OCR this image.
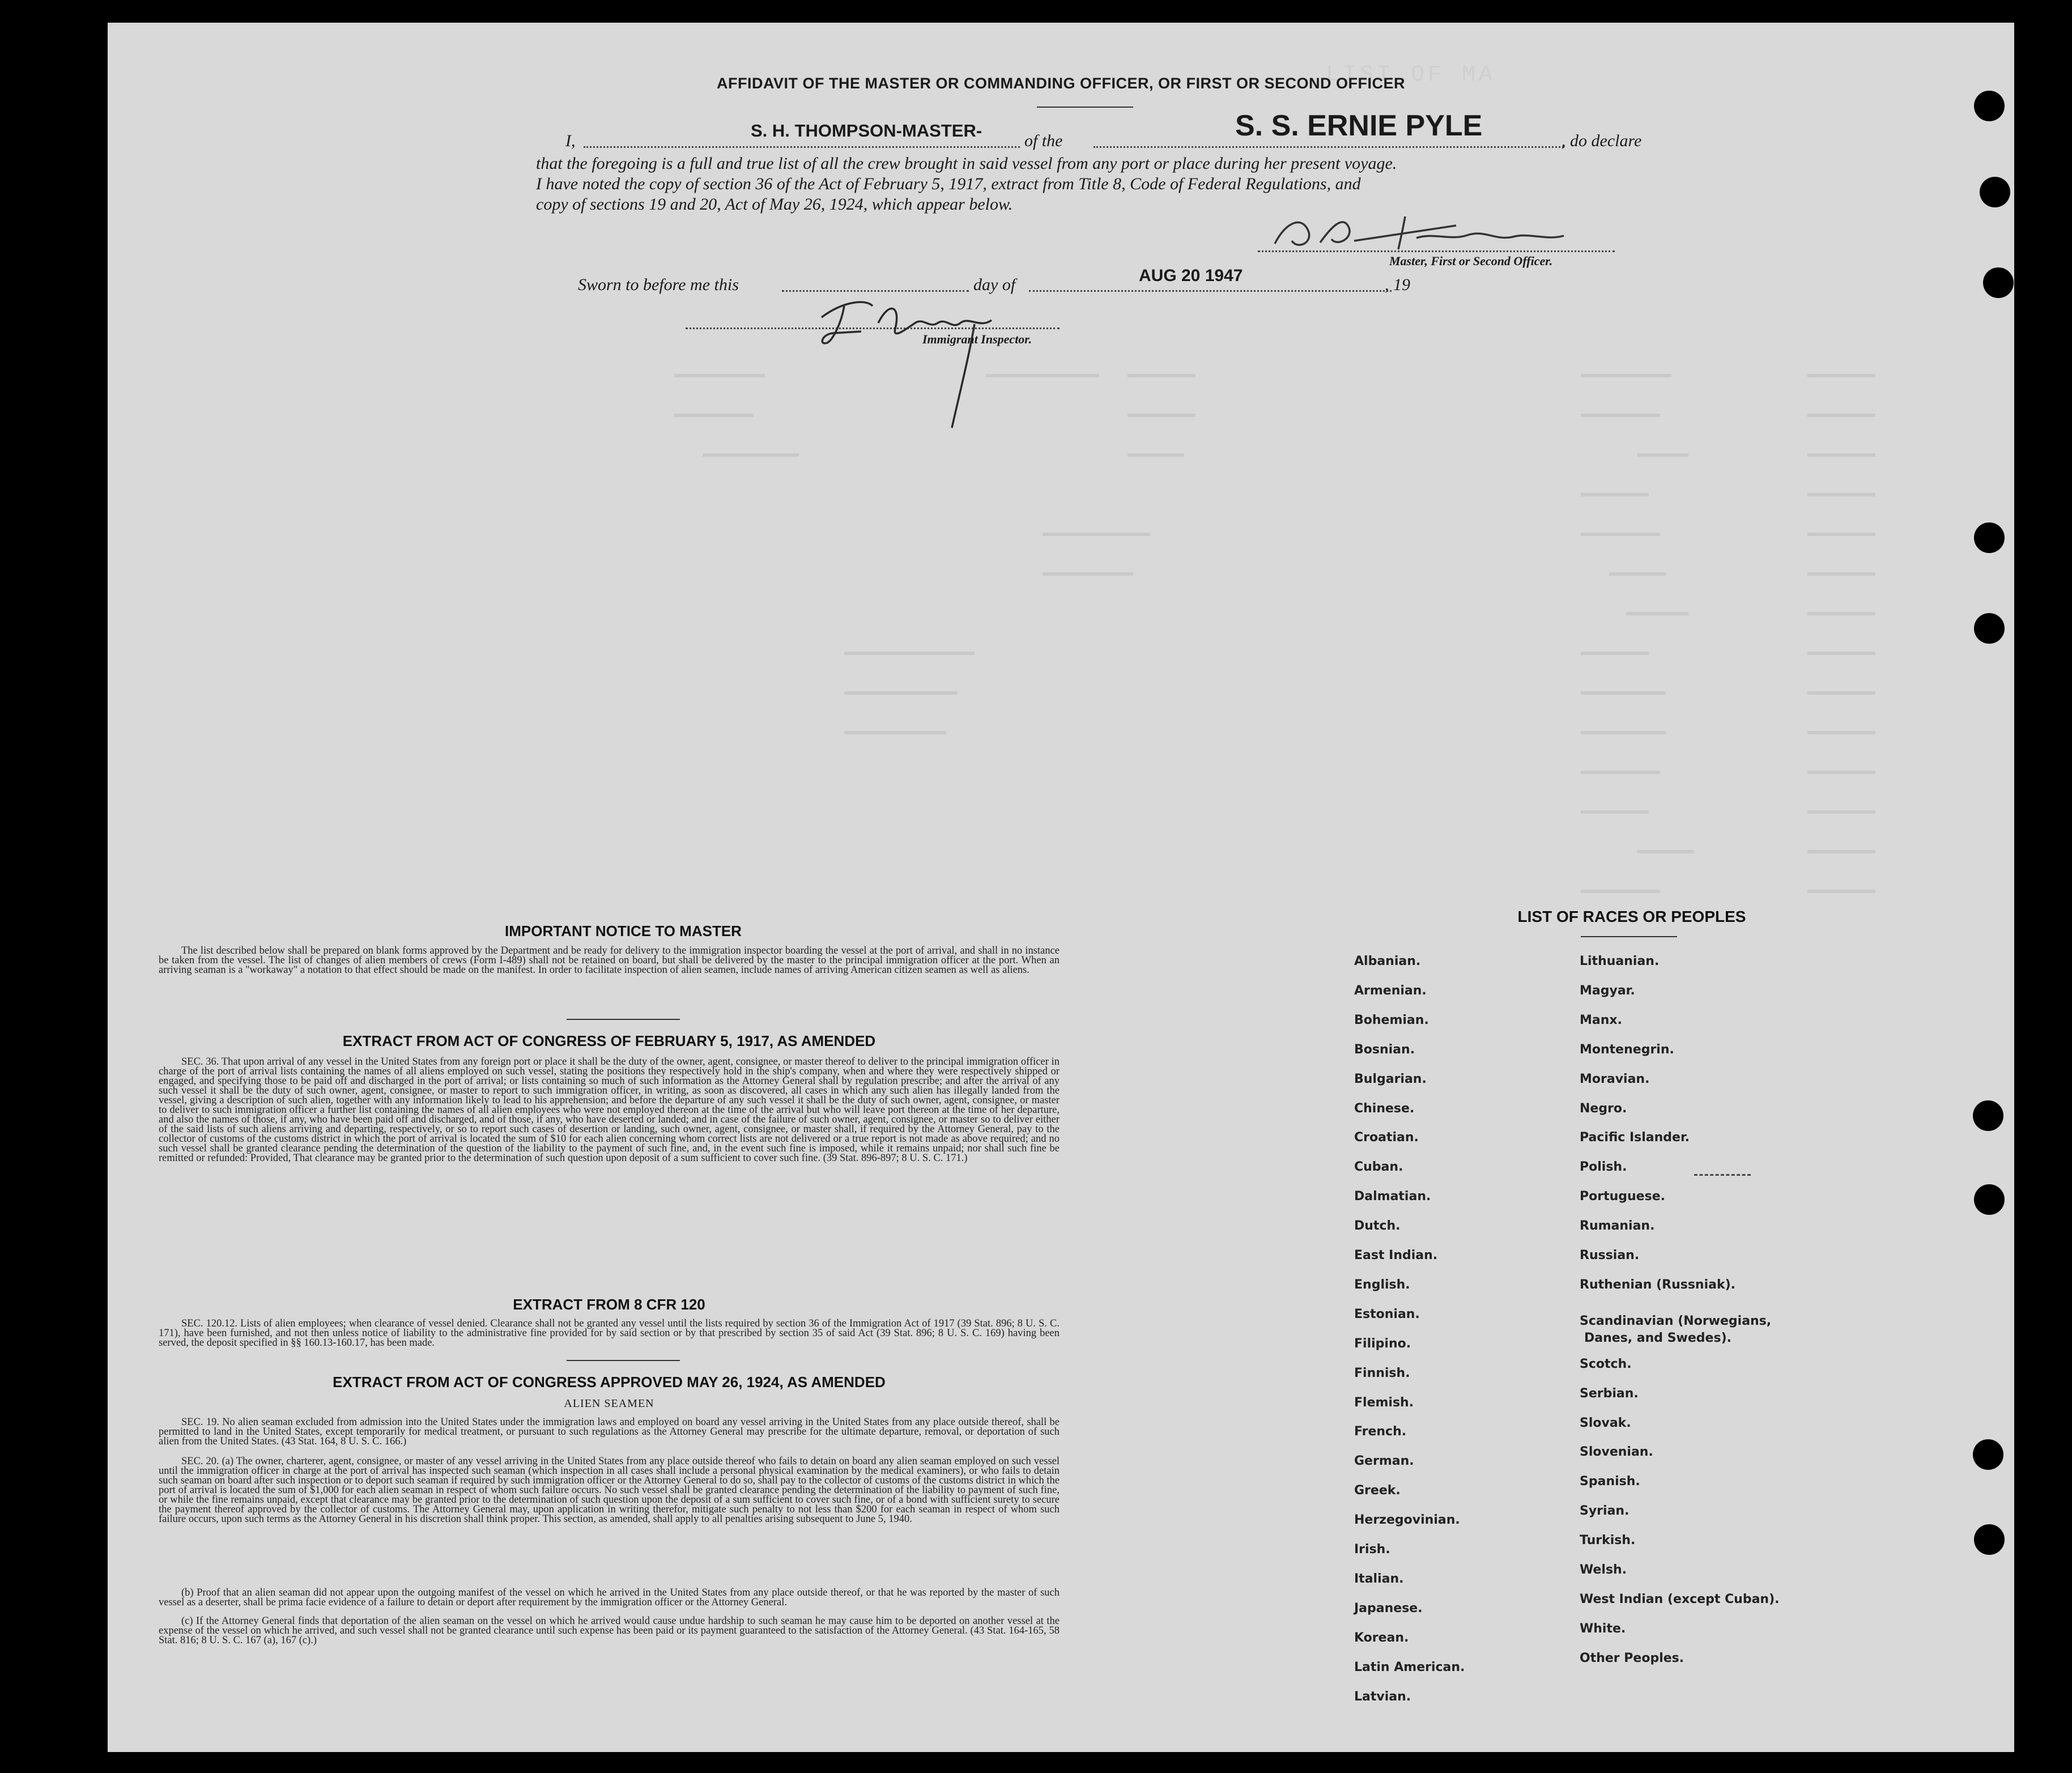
LIST OF MA
AFFIDAVIT OF THE MASTER OR COMMANDING OFFICER, OR FIRST OR SECOND OFFICER
I,
S. H. THOMPSON-MASTER-
of the	S. S. ERNIE PYLE	, do declare
that the foregoing is a full and true list of all the crew brought in said vessel from any port or place during her present voyage.
I have noted the copy of section 36 of the Act of February 5, 1917, extract from Title 8, Code of Federal Regulations, and
copy of sections 19 and 20, Act of May 26, 1924, which appear below.
Master, First or Second Officer.
Sworn to before me this	day of	AUG 20 1947	, 19
Immigrant Inspector.
IMPORTANT NOTICE TO MASTER
The list described below shall be prepared on blank forms approved by the Department and be ready for delivery to the immigration inspector boarding the vessel at the port of arrival, and shall in no instance be taken from the vessel. The list of changes of alien members of crews (Form I-489) shall not be retained on board, but shall be delivered by the master to the principal immigration officer at the port. When an arriving seaman is a "workaway" a notation to that effect should be made on the manifest. In order to facilitate inspection of alien seamen, include names of arriving American citizen seamen as well as aliens.
EXTRACT FROM ACT OF CONGRESS OF FEBRUARY 5, 1917, AS AMENDED
SEC. 36. That upon arrival of any vessel in the United States from any foreign port or place it shall be the duty of the owner, agent, consignee, or master thereof to deliver to the principal immigration officer in charge of the port of arrival lists containing the names of all aliens employed on such vessel, stating the positions they respectively hold in the ship's company, when and where they were respectively shipped or engaged, and specifying those to be paid off and discharged in the port of arrival; or lists containing so much of such information as the Attorney General shall by regulation prescribe; and after the arrival of any such vessel it shall be the duty of such owner, agent, consignee, or master to report to such immigration officer, in writing, as soon as discovered, all cases in which any such alien has illegally landed from the vessel, giving a description of such alien, together with any information likely to lead to his apprehension; and before the departure of any such vessel it shall be the duty of such owner, agent, consignee, or master to deliver to such immigration officer a further list containing the names of all alien employees who were not employed thereon at the time of the arrival but who will leave port thereon at the time of her departure, and also the names of those, if any, who have been paid off and discharged, and of those, if any, who have deserted or landed; and in case of the failure of such owner, agent, consignee, or master so to deliver either of the said lists of such aliens arriving and departing, respectively, or so to report such cases of desertion or landing, such owner, agent, consignee, or master shall, if required by the Attorney General, pay to the collector of customs of the customs district in which the port of arrival is located the sum of $10 for each alien concerning whom correct lists are not delivered or a true report is not made as above required; and no such vessel shall be granted clearance pending the determination of the question of the liability to the payment of such fine, and, in the event such fine is imposed, while it remains unpaid; nor shall such fine be remitted or refunded: Provided, That clearance may be granted prior to the determination of such question upon deposit of a sum sufficient to cover such fine. (39 Stat. 896-897; 8 U. S. C. 171.)
EXTRACT FROM 8 CFR 120
SEC. 120.12. Lists of alien employees; when clearance of vessel denied. Clearance shall not be granted any vessel until the lists required by section 36 of the Immigration Act of 1917 (39 Stat. 896; 8 U. S. C. 171), have been furnished, and not then unless notice of liability to the administrative fine provided for by said section or by that prescribed by section 35 of said Act (39 Stat. 896; 8 U. S. C. 169) having been served, the deposit specified in §§ 160.13-160.17, has been made.
EXTRACT FROM ACT OF CONGRESS APPROVED MAY 26, 1924, AS AMENDED
ALIEN SEAMEN
SEC. 19. No alien seaman excluded from admission into the United States under the immigration laws and employed on board any vessel arriving in the United States from any place outside thereof, shall be permitted to land in the United States, except temporarily for medical treatment, or pursuant to such regulations as the Attorney General may prescribe for the ultimate departure, removal, or deportation of such alien from the United States. (43 Stat. 164, 8 U. S. C. 166.)
SEC. 20. (a) The owner, charterer, agent, consignee, or master of any vessel arriving in the United States from any place outside thereof who fails to detain on board any alien seaman employed on such vessel until the immigration officer in charge at the port of arrival has inspected such seaman (which inspection in all cases shall include a personal physical examination by the medical examiners), or who fails to detain such seaman on board after such inspection or to deport such seaman if required by such immigration officer or the Attorney General to do so, shall pay to the collector of customs of the customs district in which the port of arrival is located the sum of $1,000 for each alien seaman in respect of whom such failure occurs. No such vessel shall be granted clearance pending the determination of the liability to payment of such fine, or while the fine remains unpaid, except that clearance may be granted prior to the determination of such question upon the deposit of a sum sufficient to cover such fine, or of a bond with sufficient surety to secure the payment thereof approved by the collector of customs. The Attorney General may, upon application in writing therefor, mitigate such penalty to not less than $200 for each seaman in respect of whom such failure occurs, upon such terms as the Attorney General in his discretion shall think proper. This section, as amended, shall apply to all penalties arising subsequent to June 5, 1940.
(b) Proof that an alien seaman did not appear upon the outgoing manifest of the vessel on which he arrived in the United States from any place outside thereof, or that he was reported by the master of such vessel as a deserter, shall be prima facie evidence of a failure to detain or deport after requirement by the immigration officer or the Attorney General.
(c) If the Attorney General finds that deportation of the alien seaman on the vessel on which he arrived would cause undue hardship to such seaman he may cause him to be deported on another vessel at the expense of the vessel on which he arrived, and such vessel shall not be granted clearance until such expense has been paid or its payment guaranteed to the satisfaction of the Attorney General. (43 Stat. 164-165, 58 Stat. 816; 8 U. S. C. 167 (a), 167 (c).)
LIST OF RACES OR PEOPLES
Albanian.
Armenian.
Bohemian.
Bosnian.
Bulgarian.
Chinese.
Croatian.
Cuban.
Dalmatian.
Dutch.
East Indian.
English.
Estonian.
Filipino.
Finnish.
Flemish.
French.
German.
Greek.
Herzegovinian.
Irish.
Italian.
Japanese.
Korean.
Latin American.
Latvian.
Lithuanian.
Magyar.
Manx.
Montenegrin.
Moravian.
Negro.
Pacific Islander.
Polish.
Portuguese.
Rumanian.
Russian.
Ruthenian (Russniak).
Scandinavian (Norwegians,
Danes, and Swedes).
Scotch.
Serbian.
Slovak.
Slovenian.
Spanish.
Syrian.
Turkish.
Welsh.
West Indian (except Cuban).
White.
Other Peoples.
